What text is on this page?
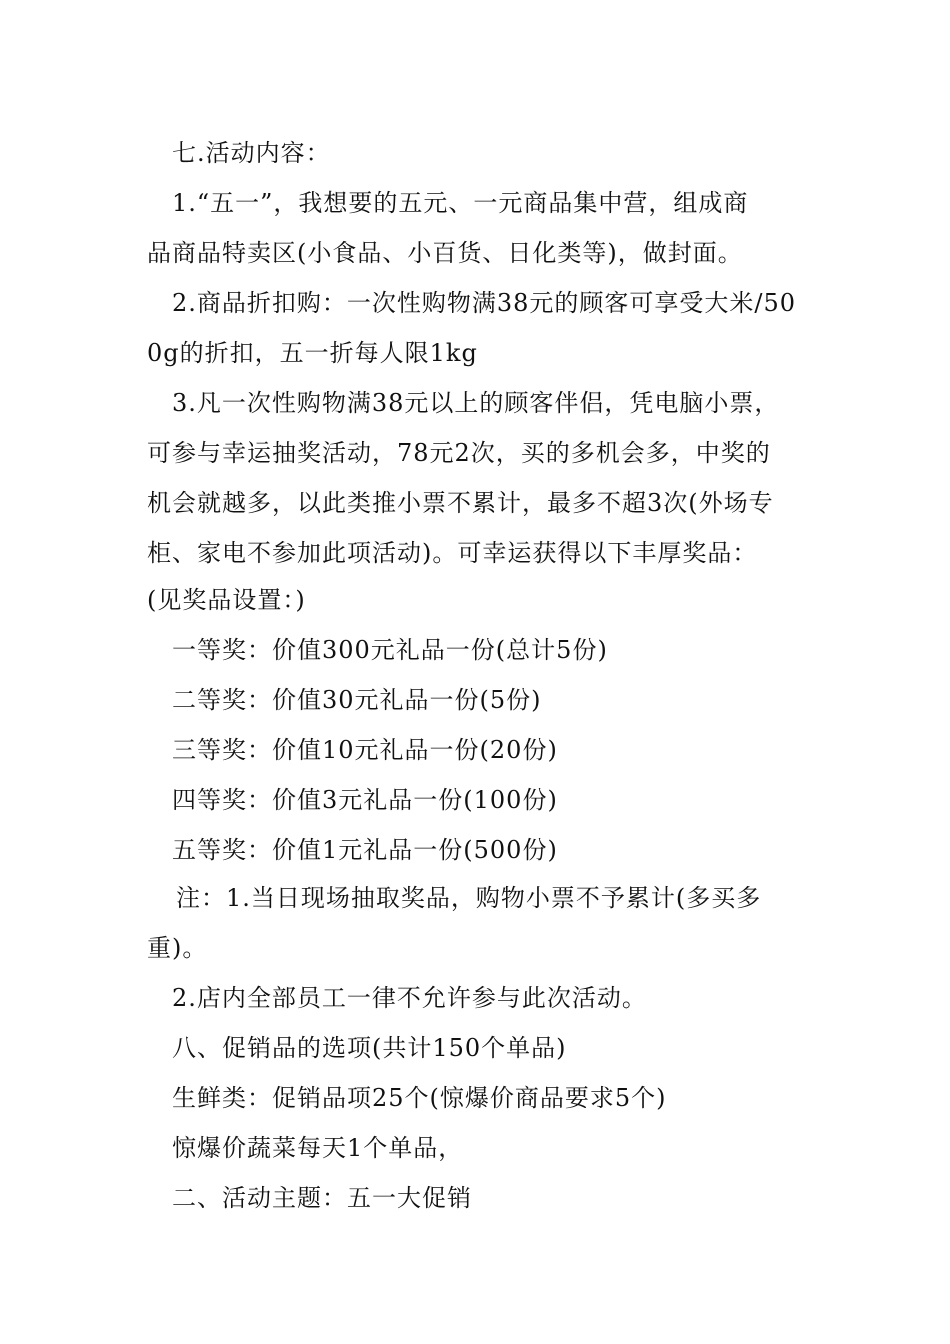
七.活动内容：
1.“五一”，我想要的五元、一元商品集中营，组成商
品商品特卖区(小食品、小百货、日化类等)，做封面。
2.商品折扣购：一次性购物满38元的顾客可享受大米/50
0g的折扣，五一折每人限1kg
3.凡一次性购物满38元以上的顾客伴侣，凭电脑小票，
可参与幸运抽奖活动，78元2次，买的多机会多，中奖的
机会就越多，以此类推小票不累计，最多不超3次(外场专
柜、家电不参加此项活动)。可幸运获得以下丰厚奖品：
(见奖品设置：)
一等奖：价值300元礼品一份(总计5份)
二等奖：价值30元礼品一份(5份)
三等奖：价值10元礼品一份(20份)
四等奖：价值3元礼品一份(100份)
五等奖：价值1元礼品一份(500份)
注：1.当日现场抽取奖品，购物小票不予累计(多买多
重)。
2.店内全部员工一律不允许参与此次活动。
八、促销品的选项(共计150个单品)
生鲜类：促销品项25个(惊爆价商品要求5个)
惊爆价蔬菜每天1个单品，
二、活动主题：五一大促销
